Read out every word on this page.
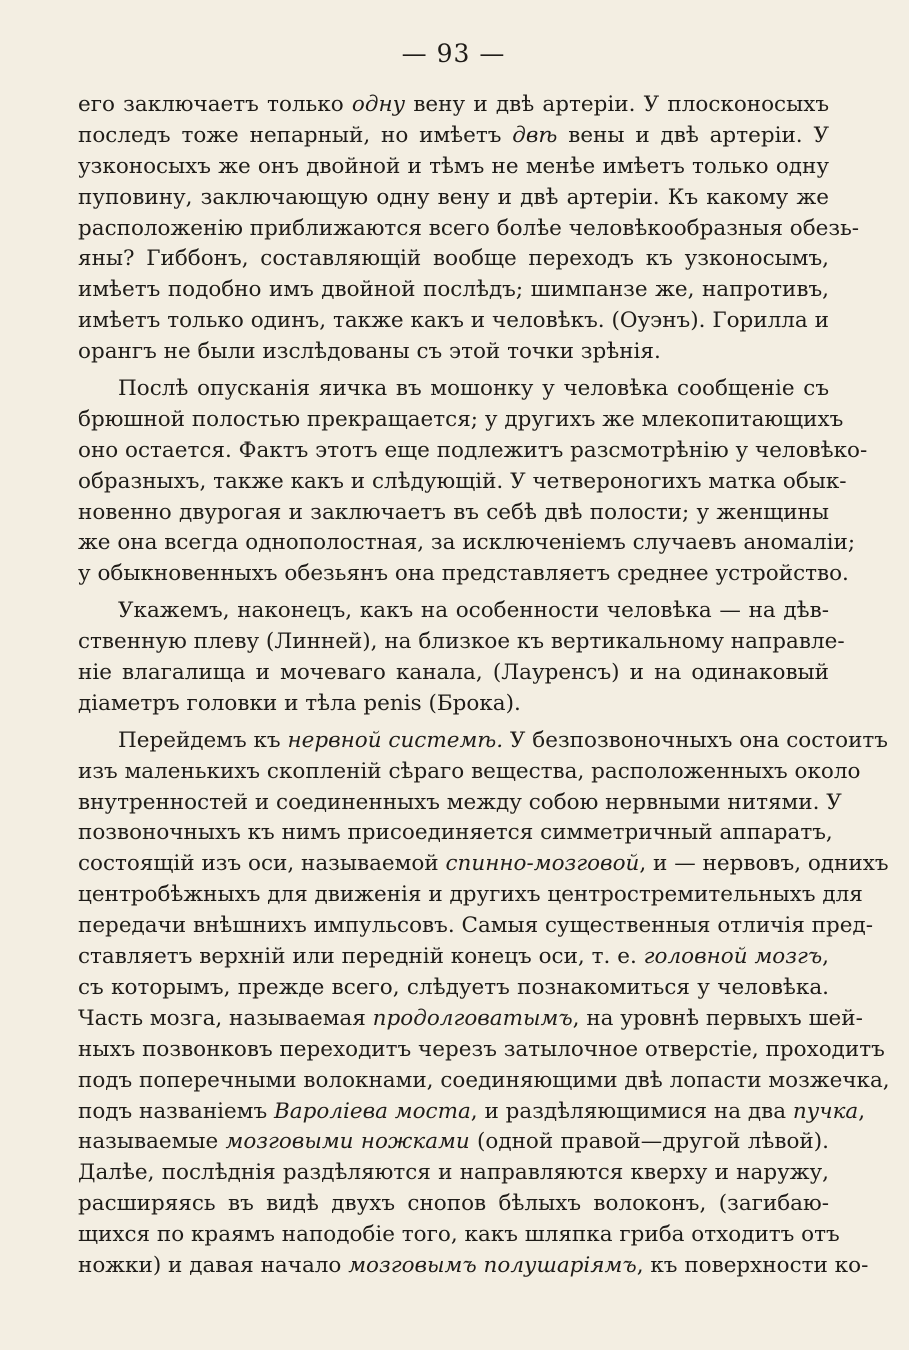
— 93 —
его заключаетъ только одну вену и двѣ артеріи. У плосконосыхъ
последъ тоже непарный, но имѣетъ двѣ вены и двѣ артеріи. У
узконосыхъ же онъ двойной и тѣмъ не менѣе имѣетъ только одну
пуповину, заключающую одну вену и двѣ артеріи. Къ какому же
расположенію приближаются всего болѣе человѣкообразныя обезь-
яны? Гиббонъ, составляющій вообще переходъ къ узконосымъ,
имѣетъ подобно имъ двойной послѣдъ; шимпанзе же, напротивъ,
имѣетъ только одинъ, также какъ и человѣкъ. (Оуэнъ). Горилла и
орангъ не были изслѣдованы съ этой точки зрѣнія.
Послѣ опусканія яичка въ мошонку у человѣка сообщеніе съ
брюшной полостью прекращается; у другихъ же млекопитающихъ
оно остается. Фактъ этотъ еще подлежитъ разсмотрѣнію у человѣко-
образныхъ, также какъ и слѣдующій. У четвероногихъ матка обык-
новенно двурогая и заключаетъ въ себѣ двѣ полости; у женщины
же она всегда однополостная, за исключеніемъ случаевъ аномаліи;
у обыкновенныхъ обезьянъ она представляетъ среднее устройство.
Укажемъ, наконецъ, какъ на особенности человѣка — на дѣв-
ственную плеву (Линней), на близкое къ вертикальному направле-
ніе влагалища и мочеваго канала, (Лауренсъ) и на одинаковый
діаметръ головки и тѣла penis (Брока).
Перейдемъ къ нервной системѣ. У безпозвоночныхъ она состоитъ
изъ маленькихъ скопленій сѣраго вещества, расположенныхъ около
внутренностей и соединенныхъ между собою нервными нитями. У
позвоночныхъ къ нимъ присоединяется симметричный аппаратъ,
состоящій изъ оси, называемой спинно-мозговой, и — нервовъ, однихъ
центробѣжныхъ для движенія и другихъ центростремительныхъ для
передачи внѣшнихъ импульсовъ. Самыя существенныя отличія пред-
ставляетъ верхній или передній конецъ оси, т. е. головной мозгъ,
съ которымъ, прежде всего, слѣдуетъ познакомиться у человѣка.
Часть мозга, называемая продолговатымъ, на уровнѣ первыхъ шей-
ныхъ позвонковъ переходитъ черезъ затылочное отверстіе, проходитъ
подъ поперечными волокнами, соединяющими двѣ лопасти мозжечка,
подъ названіемъ Вароліева моста, и раздѣляющимися на два пучка,
называемые мозговыми ножками (одной правой—другой лѣвой).
Далѣе, послѣднія раздѣляются и направляются кверху и наружу,
расширяясь въ видѣ двухъ снопов бѣлыхъ волоконъ, (загибаю-
щихся по краямъ наподобіе того, какъ шляпка гриба отходитъ отъ
ножки) и давая начало мозговымъ полушаріямъ, къ поверхности ко-
